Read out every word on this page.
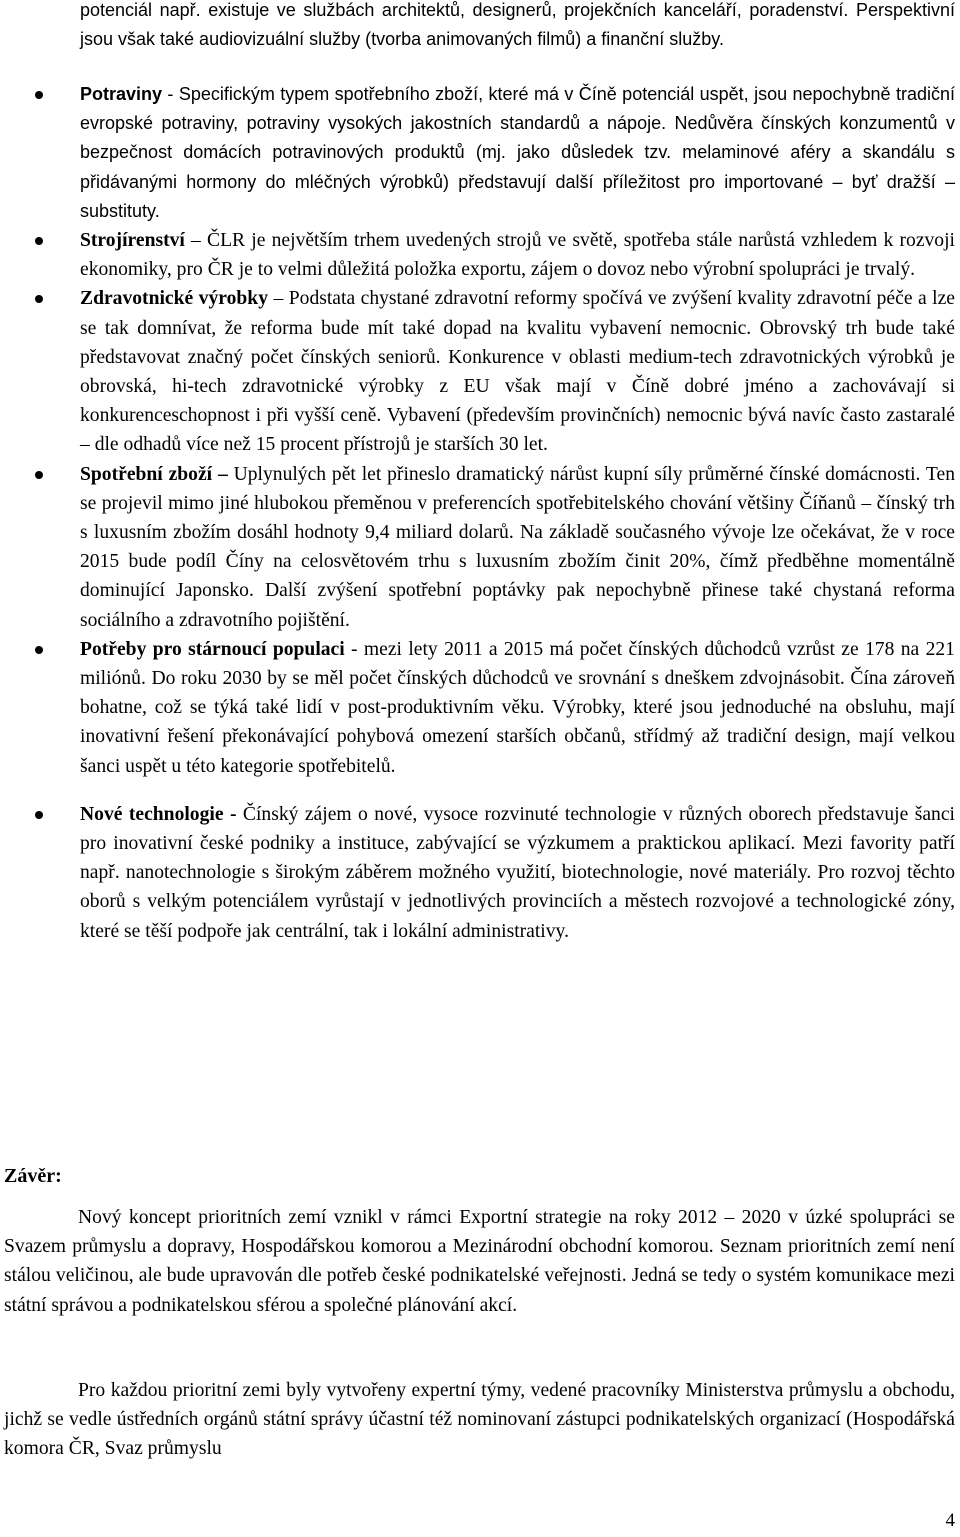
potenciál např. existuje ve službách architektů, designerů, projekčních kanceláří, poradenství. Perspektivní jsou však také audiovizuální služby (tvorba animovaných filmů) a finanční služby.
Potraviny - Specifickým typem spotřebního zboží, které má v Číně potenciál uspět, jsou nepochybně tradiční evropské potraviny, potraviny vysokých jakostních standardů a nápoje. Nedůvěra čínských konzumentů v bezpečnost domácích potravinových produktů (mj. jako důsledek tzv. melaminové aféry a skandálu s přidávanými hormony do mléčných výrobků) představují další příležitost pro importované – byť dražší – substituty.
Strojírenství – ČLR je největším trhem uvedených strojů ve světě, spotřeba stále narůstá vzhledem k rozvoji ekonomiky, pro ČR je to velmi důležitá položka exportu, zájem o dovoz nebo výrobní spolupráci je trvalý.
Zdravotnické výrobky – Podstata chystané zdravotní reformy spočívá ve zvýšení kvality zdravotní péče a lze se tak domnívat, že reforma bude mít také dopad na kvalitu vybavení nemocnic. Obrovský trh bude také představovat značný počet čínských seniorů. Konkurence v oblasti medium-tech zdravotnických výrobků je obrovská, hi-tech zdravotnické výrobky z EU však mají v Číně dobré jméno a zachovávají si konkurenceschopnost i při vyšší ceně. Vybavení (především provinčních) nemocnic bývá navíc často zastaralé – dle odhadů více než 15 procent přístrojů je starších 30 let.
Spotřební zboží – Uplynulých pět let přineslo dramatický nárůst kupní síly průměrné čínské domácnosti. Ten se projevil mimo jiné hlubokou přeměnou v preferencích spotřebitelského chování většiny Číňanů – čínský trh s luxusním zbožím dosáhl hodnoty 9,4 miliard dolarů. Na základě současného vývoje lze očekávat, že v roce 2015 bude podíl Číny na celosvětovém trhu s luxusním zbožím činit 20%, čímž předběhne momentálně dominující Japonsko. Další zvýšení spotřební poptávky pak nepochybně přinese také chystaná reforma sociálního a zdravotního pojištění.
Potřeby pro stárnoucí populaci - mezi lety 2011 a 2015 má počet čínských důchodců vzrůst ze 178 na 221 miliónů. Do roku 2030 by se měl počet čínských důchodců ve srovnání s dneškem zdvojnásobit. Čína zároveň bohatne, což se týká také lidí v post-produktivním věku. Výrobky, které jsou jednoduché na obsluhu, mají inovativní řešení překonávající pohybová omezení starších občanů, střídmý až tradiční design, mají velkou šanci uspět u této kategorie spotřebitelů.
Nové technologie - Čínský zájem o nové, vysoce rozvinuté technologie v různých oborech představuje šanci pro inovativní české podniky a instituce, zabývající se výzkumem a praktickou aplikací. Mezi favority patří např. nanotechnologie s širokým záběrem možného využití, biotechnologie, nové materiály. Pro rozvoj těchto oborů s velkým potenciálem vyrůstají v jednotlivých provinciích a městech rozvojové a technologické zóny, které se těší podpoře jak centrální, tak i lokální administrativy.
Závěr:
Nový koncept prioritních zemí vznikl v rámci Exportní strategie na roky 2012 – 2020 v úzké spolupráci se Svazem průmyslu a dopravy, Hospodářskou komorou a Mezinárodní obchodní komorou. Seznam prioritních zemí není stálou veličinou, ale bude upravován dle potřeb české podnikatelské veřejnosti. Jedná se tedy o systém komunikace mezi státní správou a podnikatelskou sférou a společné plánování akcí.
Pro každou prioritní zemi byly vytvořeny expertní týmy, vedené pracovníky Ministerstva průmyslu a obchodu, jichž se vedle ústředních orgánů státní správy účastní též nominovaní zástupci podnikatelských organizací (Hospodářská komora ČR, Svaz průmyslu
4
